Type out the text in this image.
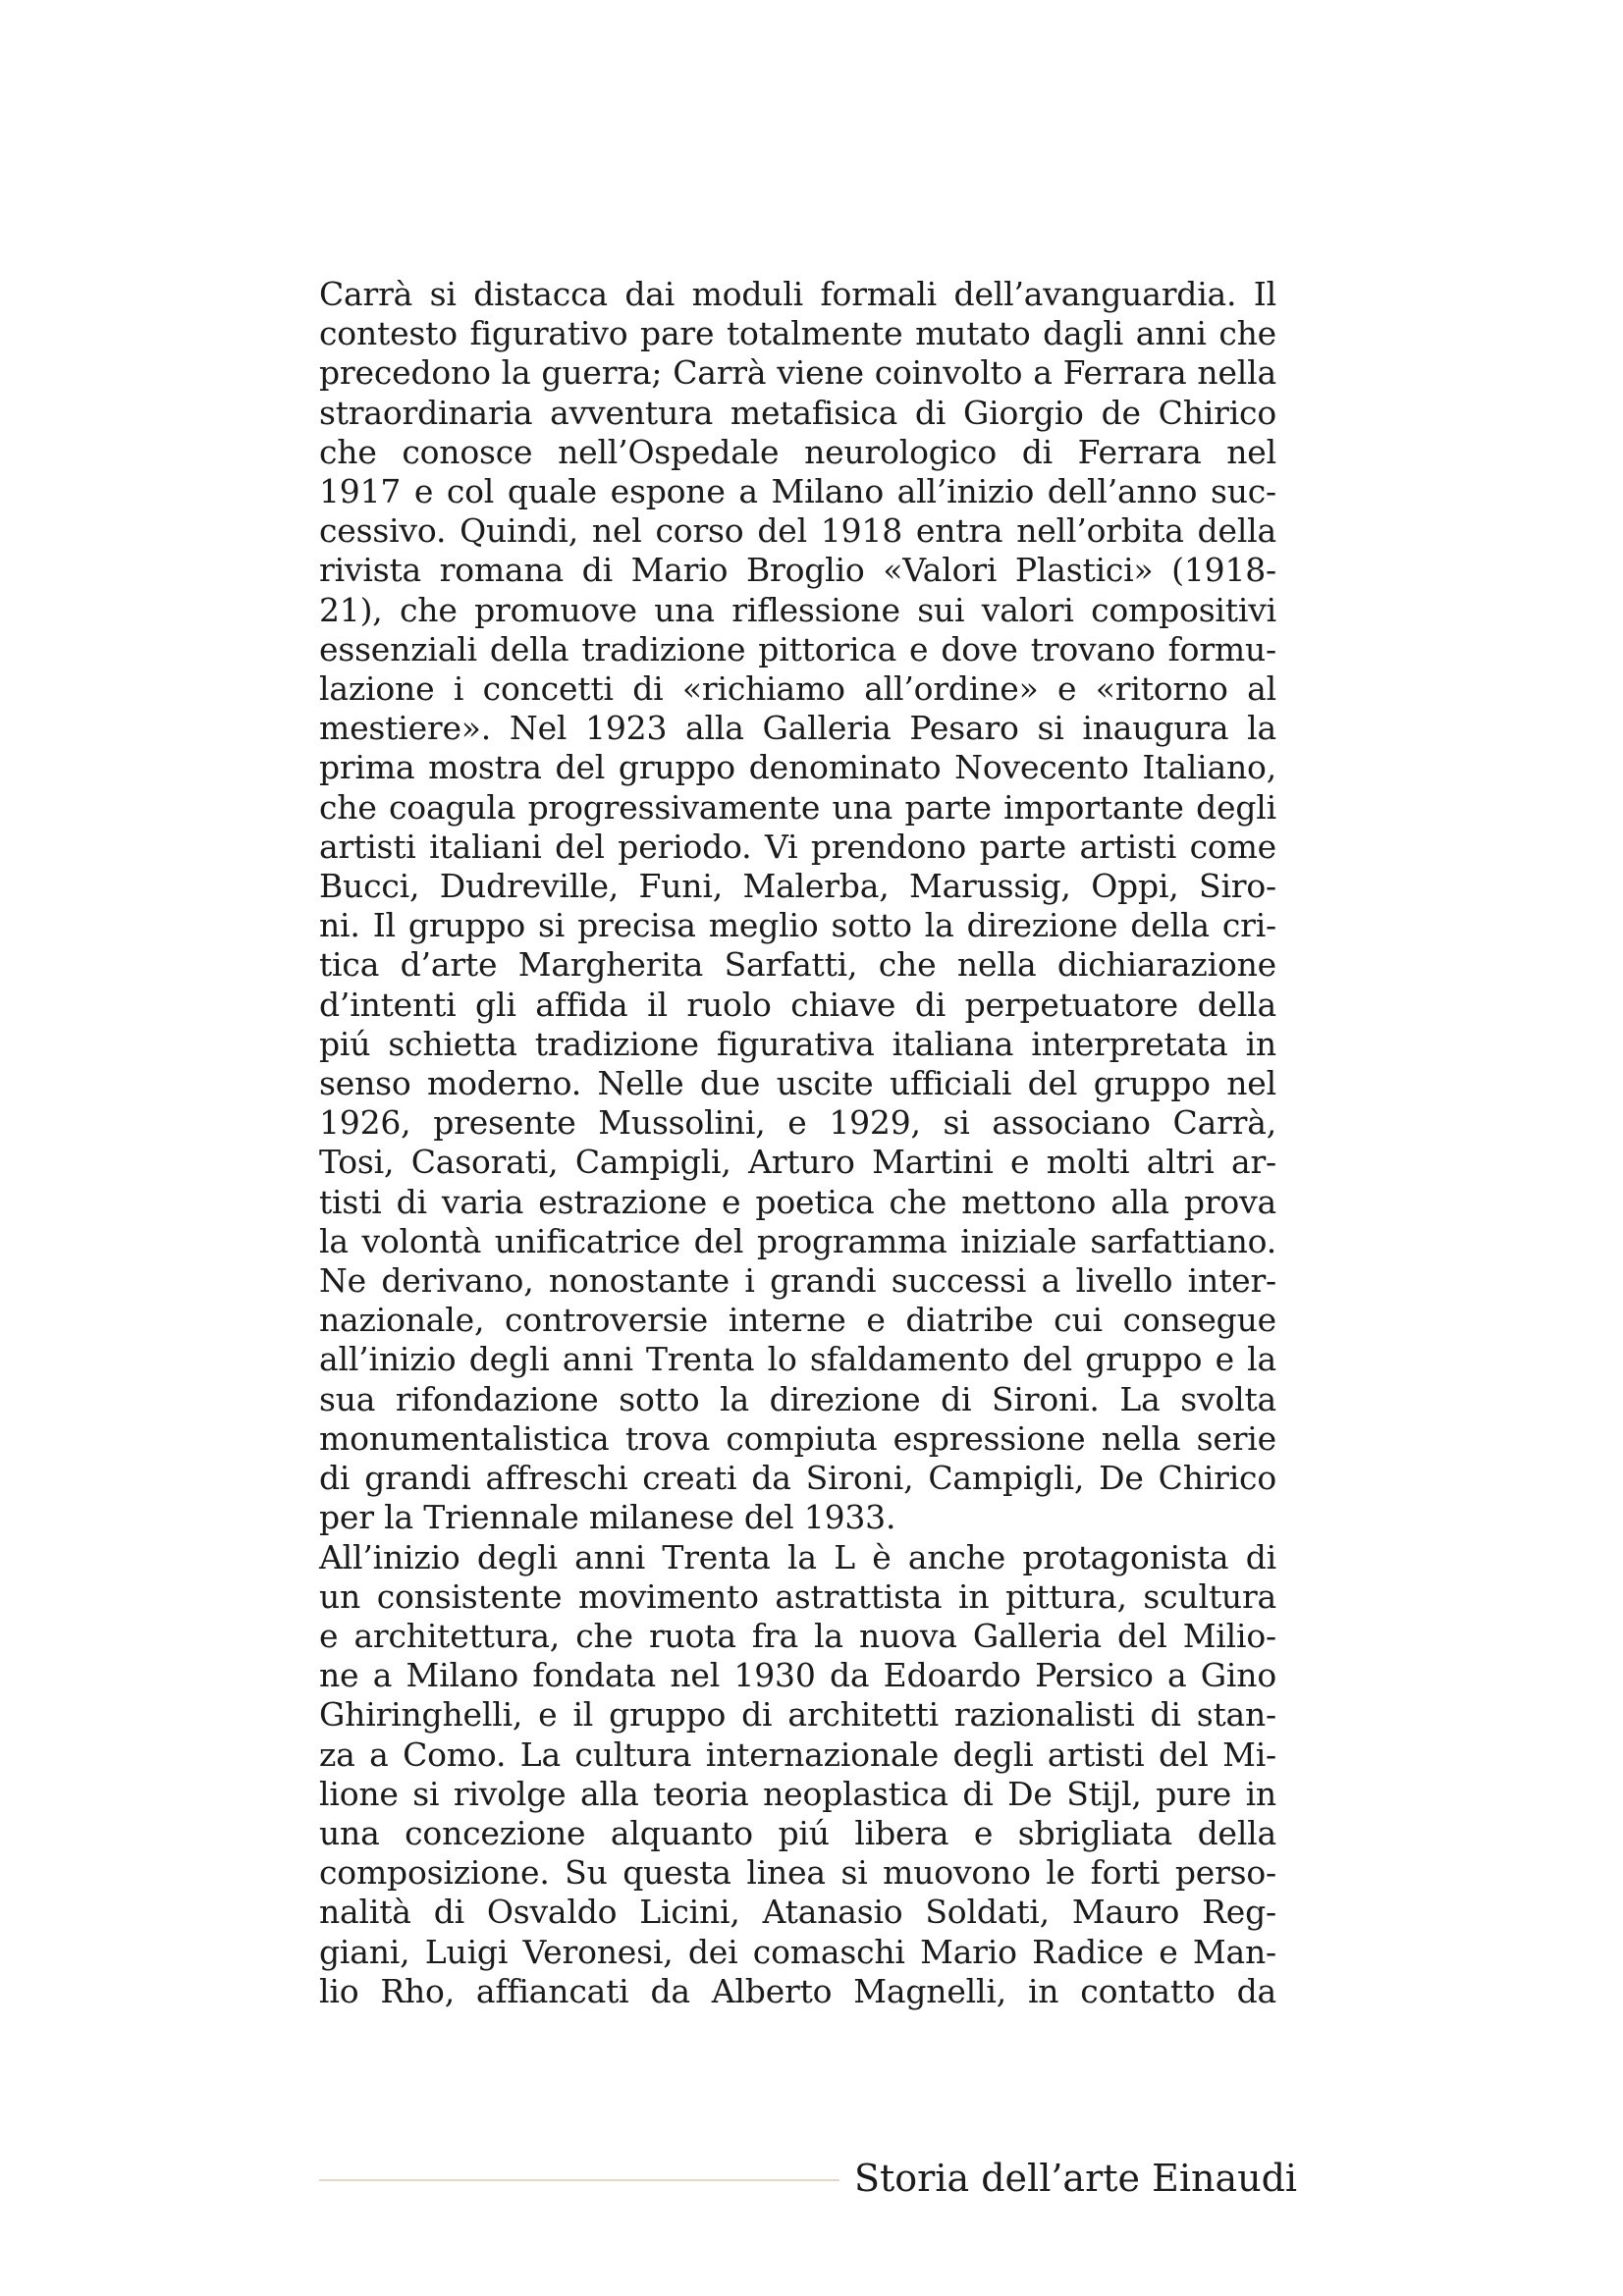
Carrà si distacca dai moduli formali dell’avanguardia. Il
contesto figurativo pare totalmente mutato dagli anni che
precedono la guerra; Carrà viene coinvolto a Ferrara nella
straordinaria avventura metafisica di Giorgio de Chirico
che conosce nell’Ospedale neurologico di Ferrara nel
1917 e col quale espone a Milano all’inizio dell’anno suc-
cessivo. Quindi, nel corso del 1918 entra nell’orbita della
rivista romana di Mario Broglio «Valori Plastici» (1918-
21), che promuove una riflessione sui valori compositivi
essenziali della tradizione pittorica e dove trovano formu-
lazione i concetti di «richiamo all’ordine» e «ritorno al
mestiere». Nel 1923 alla Galleria Pesaro si inaugura la
prima mostra del gruppo denominato Novecento Italiano,
che coagula progressivamente una parte importante degli
artisti italiani del periodo. Vi prendono parte artisti come
Bucci, Dudreville, Funi, Malerba, Marussig, Oppi, Siro-
ni. Il gruppo si precisa meglio sotto la direzione della cri-
tica d’arte Margherita Sarfatti, che nella dichiarazione
d’intenti gli affida il ruolo chiave di perpetuatore della
piú schietta tradizione figurativa italiana interpretata in
senso moderno. Nelle due uscite ufficiali del gruppo nel
1926, presente Mussolini, e 1929, si associano Carrà,
Tosi, Casorati, Campigli, Arturo Martini e molti altri ar-
tisti di varia estrazione e poetica che mettono alla prova
la volontà unificatrice del programma iniziale sarfattiano.
Ne derivano, nonostante i grandi successi a livello inter-
nazionale, controversie interne e diatribe cui consegue
all’inizio degli anni Trenta lo sfaldamento del gruppo e la
sua rifondazione sotto la direzione di Sironi. La svolta
monumentalistica trova compiuta espressione nella serie
di grandi affreschi creati da Sironi, Campigli, De Chirico
per la Triennale milanese del 1933.
All’inizio degli anni Trenta la L è anche protagonista di
un consistente movimento astrattista in pittura, scultura
e architettura, che ruota fra la nuova Galleria del Milio-
ne a Milano fondata nel 1930 da Edoardo Persico a Gino
Ghiringhelli, e il gruppo di architetti razionalisti di stan-
za a Como. La cultura internazionale degli artisti del Mi-
lione si rivolge alla teoria neoplastica di De Stijl, pure in
una concezione alquanto piú libera e sbrigliata della
composizione. Su questa linea si muovono le forti perso-
nalità di Osvaldo Licini, Atanasio Soldati, Mauro Reg-
giani, Luigi Veronesi, dei comaschi Mario Radice e Man-
lio Rho, affiancati da Alberto Magnelli, in contatto da
Storia dell’arte Einaudi
